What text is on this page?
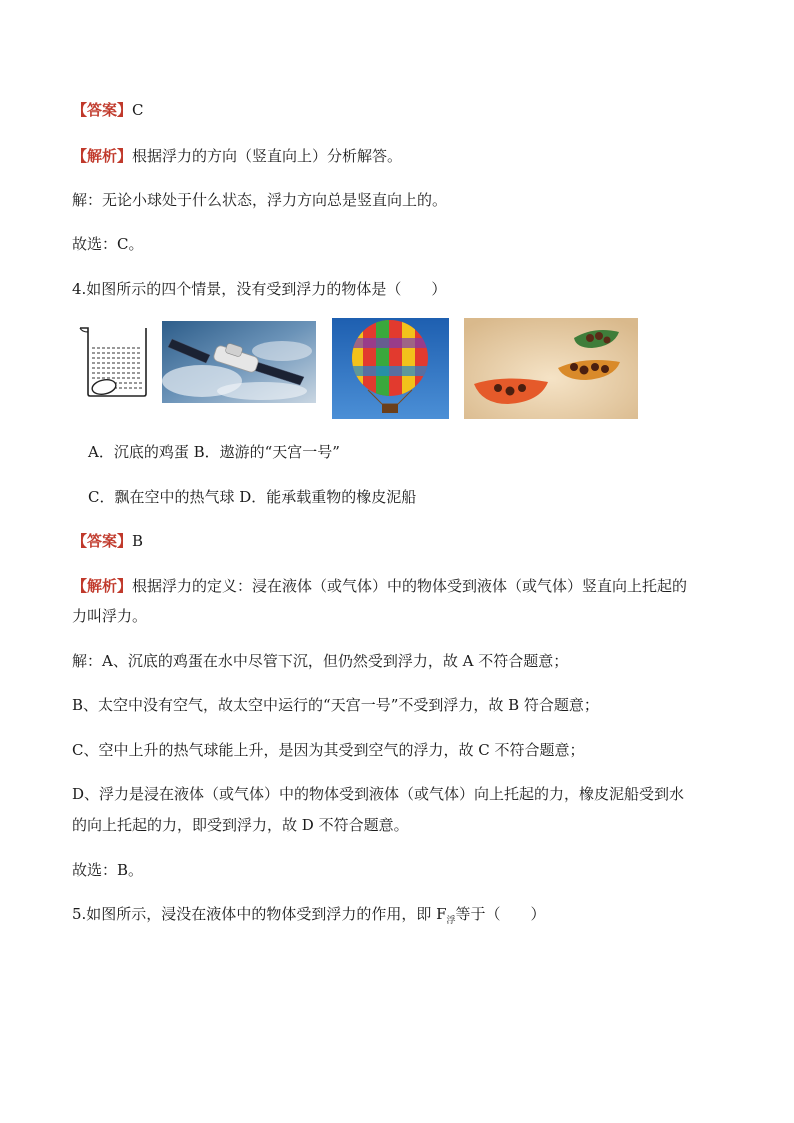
【答案】C
【解析】根据浮力的方向（竖直向上）分析解答。
解：无论小球处于什么状态，浮力方向总是竖直向上的。
故选：C。
4.如图所示的四个情景，没有受到浮力的物体是（　　）
A．沉底的鸡蛋 B．遨游的“天宫一号”
C．飘在空中的热气球 D．能承载重物的橡皮泥船
【答案】B
【解析】根据浮力的定义：浸在液体（或气体）中的物体受到液体（或气体）竖直向上托起的
力叫浮力。
解：A、沉底的鸡蛋在水中尽管下沉，但仍然受到浮力，故 A 不符合题意；
B、太空中没有空气，故太空中运行的“天宫一号”不受到浮力，故 B 符合题意；
C、空中上升的热气球能上升，是因为其受到空气的浮力，故 C 不符合题意；
D、浮力是浸在液体（或气体）中的物体受到液体（或气体）向上托起的力，橡皮泥船受到水
的向上托起的力，即受到浮力，故 D 不符合题意。
故选：B。
5.如图所示，浸没在液体中的物体受到浮力的作用，即 $F_浮$等于（　　）
